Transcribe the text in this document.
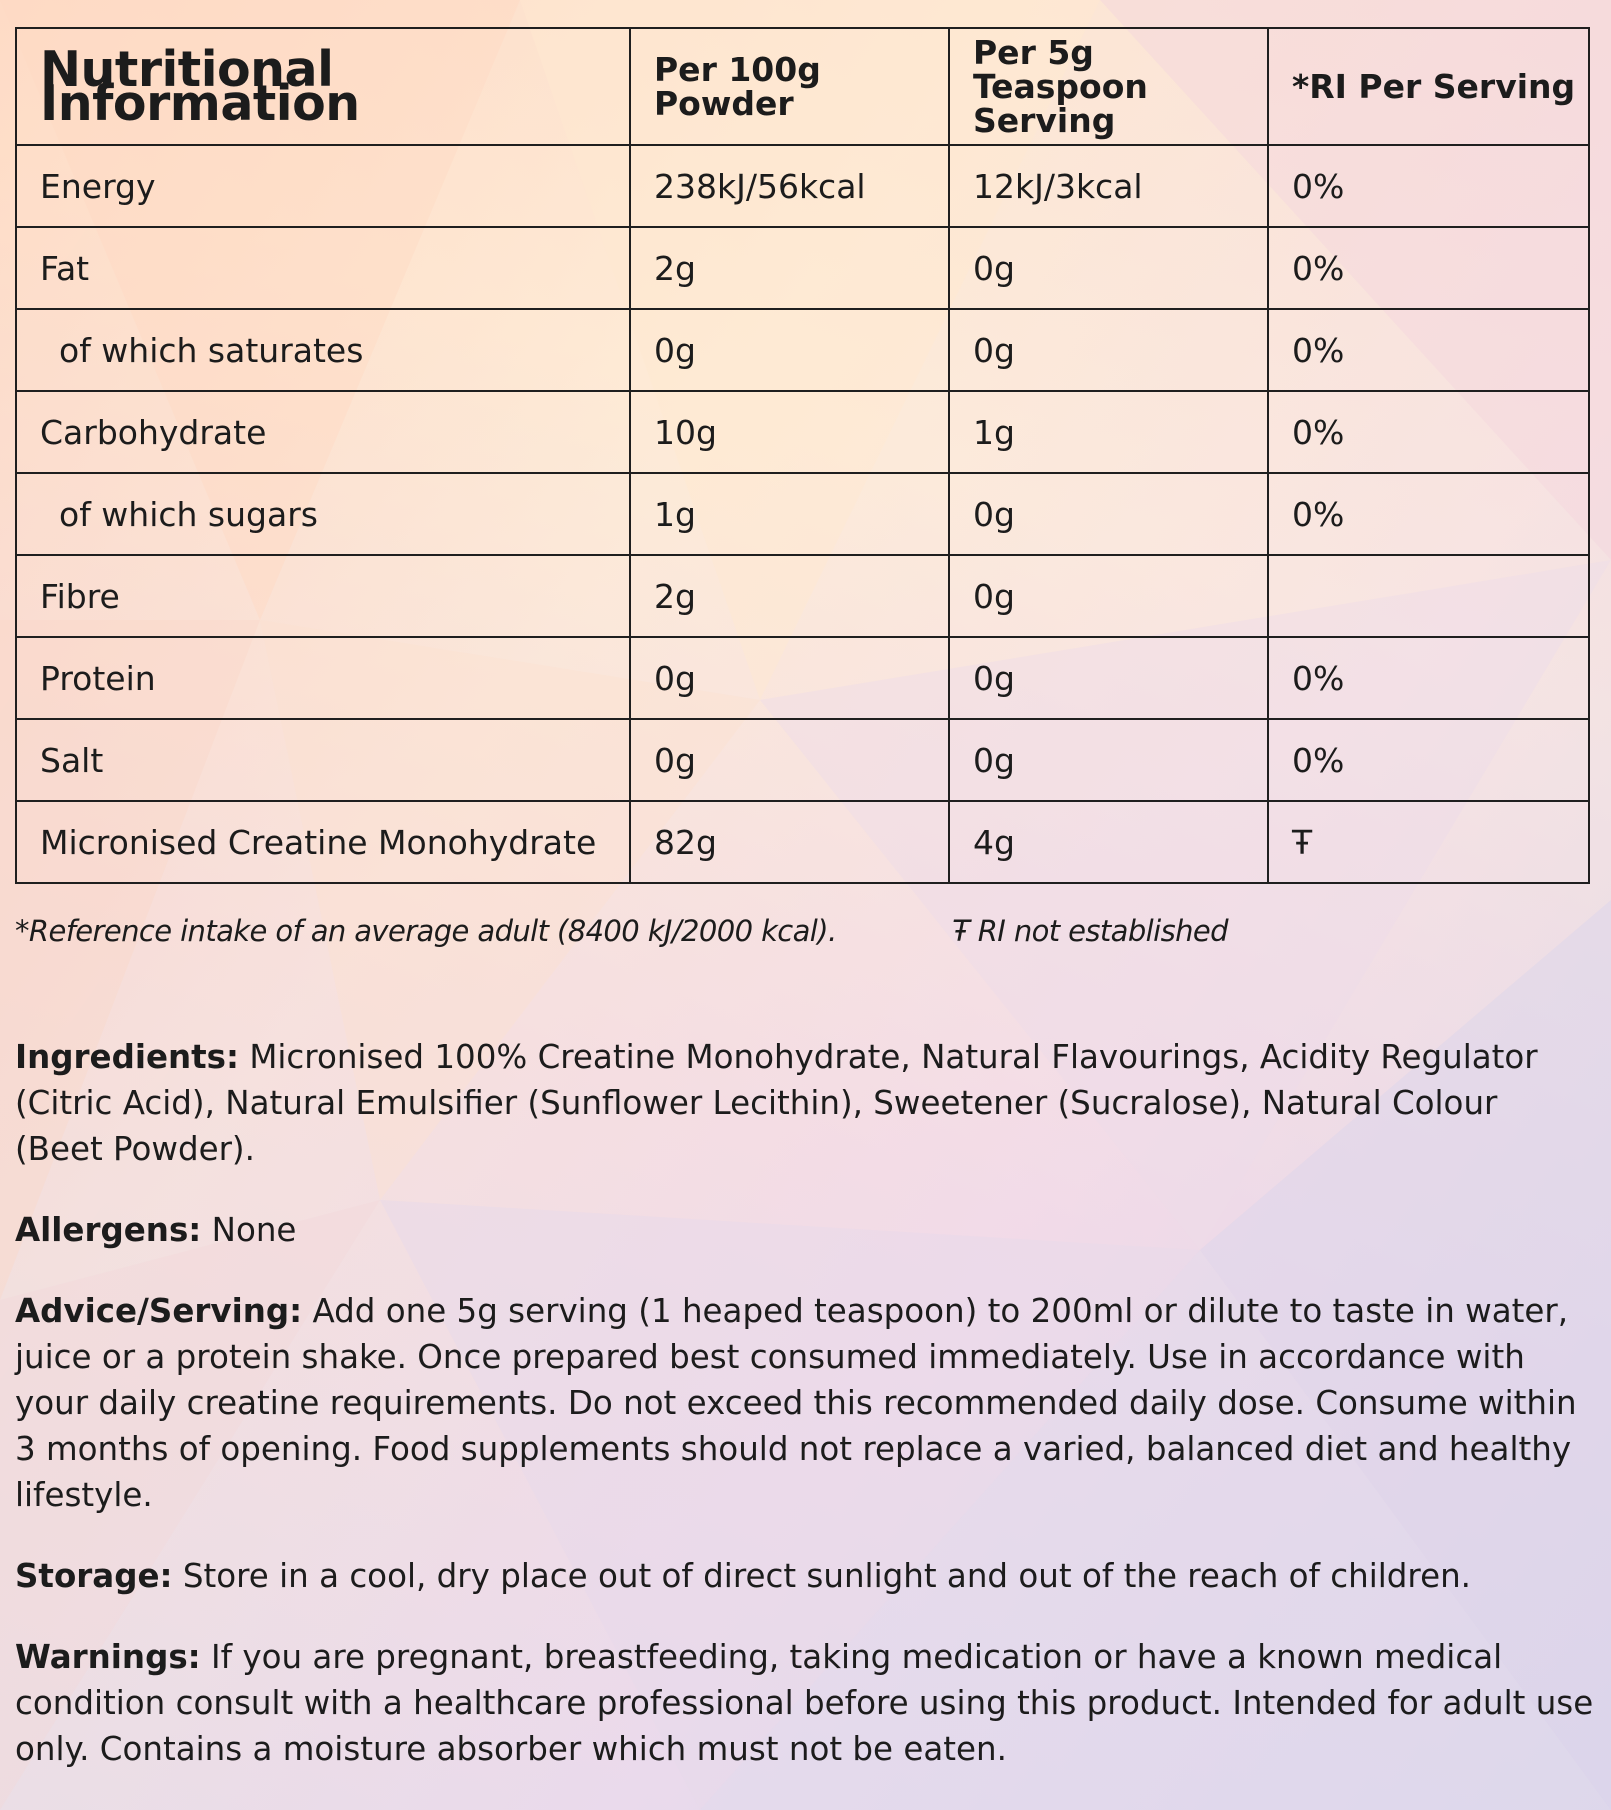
Nutritional Information	Per 100g Powder	Per 5g Teaspoon Serving	*RI Per Serving
Energy	238kJ/56kcal	12kJ/3kcal	0%
Fat	2g	0g	0%
of which saturates	0g	0g	0%
Carbohydrate	10g	1g	0%
of which sugars	1g	0g	0%
Fibre	2g	0g	
Protein	0g	0g	0%
Salt	0g	0g	0%
Micronised Creatine Monohydrate	82g	4g	Ŧ
*Reference intake of an average adult (8400 kJ/2000 kcal).	Ŧ RI not established

Ingredients: Micronised 100% Creatine Monohydrate, Natural Flavourings, Acidity Regulator (Citric Acid), Natural Emulsifier (Sunflower Lecithin), Sweetener (Sucralose), Natural Colour (Beet Powder).

Allergens: None

Advice/Serving: Add one 5g serving (1 heaped teaspoon) to 200ml or dilute to taste in water, juice or a protein shake. Once prepared best consumed immediately. Use in accordance with your daily creatine requirements. Do not exceed this recommended daily dose. Consume within 3 months of opening. Food supplements should not replace a varied, balanced diet and healthy lifestyle.

Storage: Store in a cool, dry place out of direct sunlight and out of the reach of children.

Warnings: If you are pregnant, breastfeeding, taking medication or have a known medical condition consult with a healthcare professional before using this product. Intended for adult use only. Contains a moisture absorber which must not be eaten.
